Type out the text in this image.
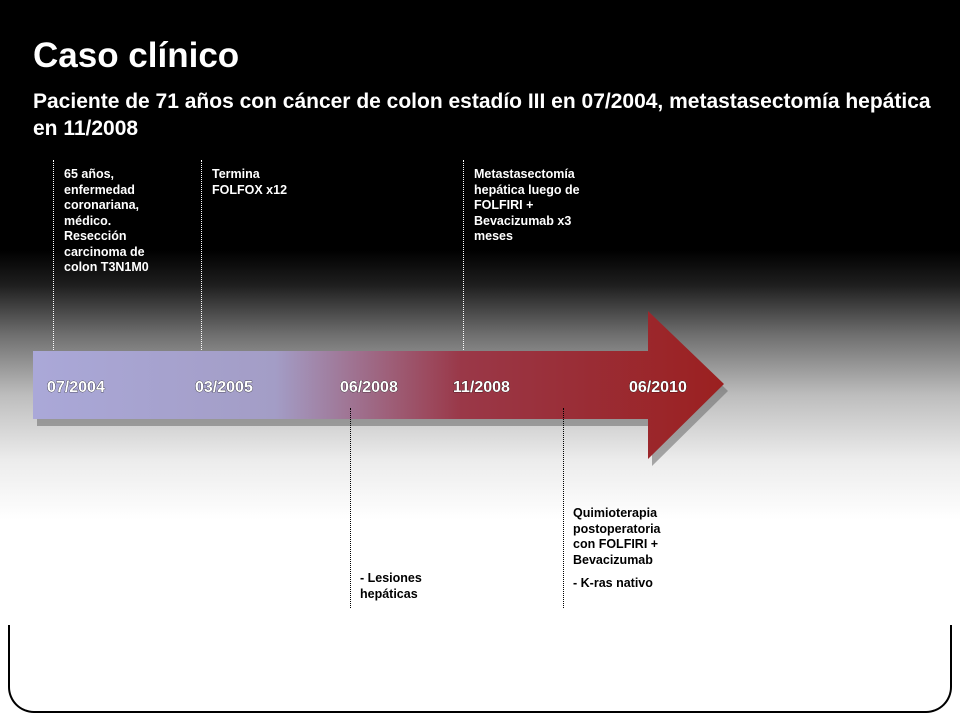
Caso clínico

Paciente de 71 años con cáncer de colon estadío III en 07/2004, metastasectomía hepática en 11/2008

65 años,
enfermedad
coronariana,
médico.
Resección
carcinoma de
colon T3N1M0
Termina
FOLFOX x12
Metastasectomía
hepática luego de
FOLFIRI +
Bevacizumab x3
meses
07/2004	03/2005	06/2008	11/2008	06/2010
- Lesiones
hepáticas
Quimioterapia
postoperatoria
con FOLFIRI +
Bevacizumab
- K-ras nativo
